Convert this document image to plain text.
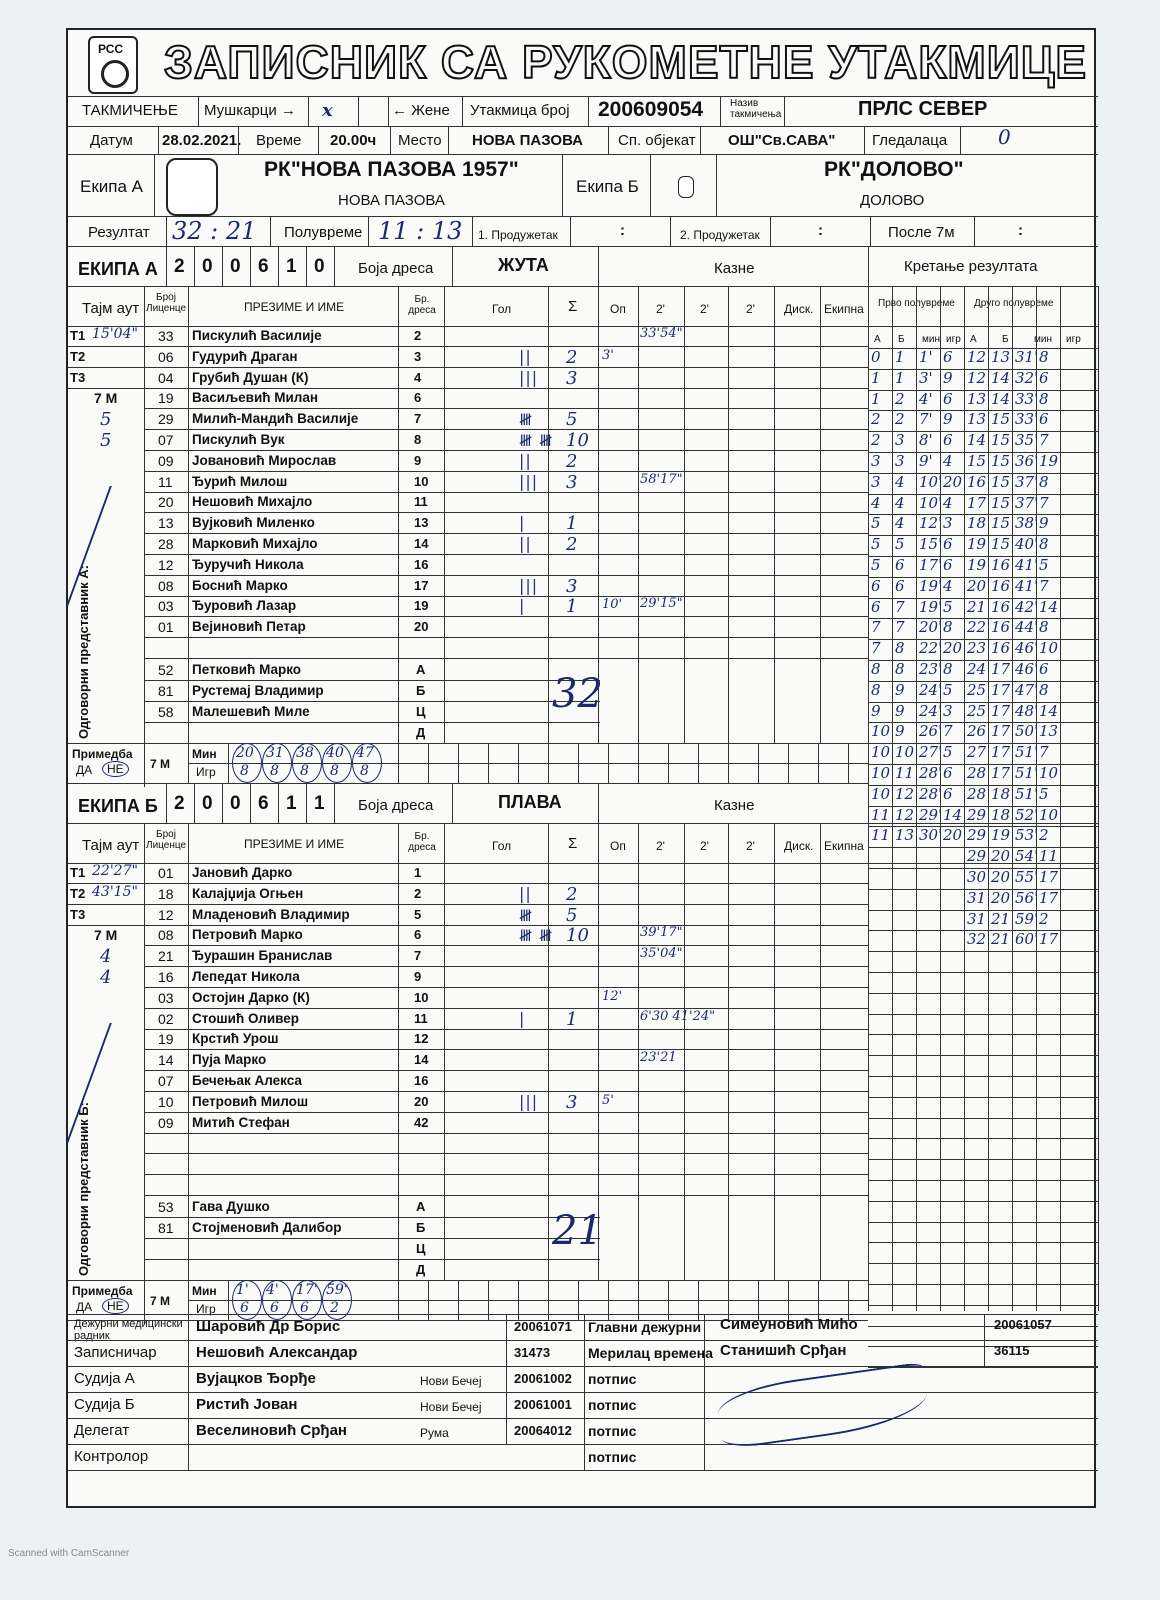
РСС ЗАПИСНИК СА РУКОМЕТНЕ УТАКМИЦЕ
ТАКМИЧЕЊЕ Мушкарци → x	← Жене Утакмица број 200609054	Назив такмичења	ПРЛС СЕВЕР
Датум 28.02.2021. Време 20.00ч Место НОВА ПАЗОВА Сп. објекат ОШ"Св.САВА" Гледалаца	0
Екипа А
РК"НОВА ПАЗОВА 1957"
НОВА ПАЗОВА
Екипа Б
РК"ДОЛОВО"
ДОЛОВО
Резултат 32 : 21 Полувреме 11 : 13 1. Продужетак	:	2. Продужетак	:	После 7м	:
ЕКИПА А 2 0 0 6 1 0 Боја дреса	ЖУТА	Казне	Кретање резултата
Тајм аут
Број Лиценце	ПРЕЗИМЕ И ИМЕ
Бр. дреса	Гол	Σ	Оп	2'	2'	2' Диск. Екипна Прво полувреме Друго полувреме
33 Пискулић Василије	2	33'54"
06 Гудурић Драган	3	|| 2 3'
04 Грубић Душан (К)	4	||| 3
19 Васиљевић Милан	6
29 Милић-Мандић Василије	7	𝍸 5
07 Пискулић Вук	8	𝍸 𝍸 10
09 Јовановић Мирослав	9	|| 2
11 Ђурић Милош	10	||| 3	58'17"
20 Нешовић Михајло	11
13 Вујковић Миленко	13	| 1
28 Марковић Михајло	14	|| 2
12 Ђуручић Никола	16
08 Боснић Марко	17	||| 3
03 Ђуровић Лазар	19	| 1 10' 29'15"
01 Вејиновић Петар	20
52 Петковић Марко	А
81 Рустемај Владимир	Б
58 Малешевић Миле	Ц
Д
32
T1 15'04"
T2
T3
7 М
5
5
Одговорни представник А:
Примедба
ДА	НЕ	7 М
Мин
Игр
20
8
31
8
38
8
40
8
47
8
ЕКИПА Б 2 0 0 6 1 1 Боја дреса	ПЛАВА	Казне
Тајм аут
Број Лиценце	ПРЕЗИМЕ И ИМЕ
Бр. дреса	Гол	Σ	Оп	2'	2'	2' Диск. Екипна
01 Јановић Дарко	1
18 Калајџија Огњен	2	|| 2
12 Младеновић Владимир	5	𝍸 5
08 Петровић Марко	6	𝍸 𝍸 10	39'17"
21 Ђурашин Бранислав	7	35'04"
16 Лепедат Никола	9
03 Остојин Дарко (К)	10	12'
02 Стошић Оливер	11	| 1	6'30 41'24"
19 Крстић Урош	12
14 Пуја Марко	14	23'21
07 Бечењак Алекса	16
10 Петровић Милош	20	||| 3 5'
09 Митић Стефан	42
53 Гава Душко	А
81 Стојменовић Далибор	Б
Ц
Д
21
T1 22'27"
T2 43'15"
T3
7 М
4
4
Одговорни представник Б:
Примедба
ДА	НЕ	7 М
Мин
Игр
1'
6
4'
6
17'
6
59'
2
А	А
Б	Б
мин	мин
игр	игр
0 1 1' 6
1 1 3' 9
1 2 4' 6
2 2 7' 9
2 3 8' 6
3 3 9' 4
3 4 10' 20
4 4 10' 4
5 4 12' 3
5 5 15' 6
5 6 17' 6
6 6 19' 4
6 7 19' 5
7 7 20' 8
7 8 22' 20
8 8 23' 8
8 9 24' 5
9 9 24' 3
10 9 26' 7
10 10 27' 5
10 11 28' 6
10 12 28' 6
11 12 29' 14
11 13 30' 20
12 13 31' 8
12 14 32' 6
13 14 33' 8
13 15 33' 6
14 15 35' 7
15 15 36' 19
16 15 37' 8
17 15 37' 7
18 15 38' 9
19 15 40' 8
19 16 41' 5
20 16 41' 7
21 16 42' 14
22 16 44' 8
23 16 46' 10
24 17 46' 6
25 17 47' 8
25 17 48' 14
26 17 50' 13
27 17 51' 7
28 17 51' 10
28 18 51' 5
29 18 52' 10
29 19 53' 2
29 20 54' 11
30 20 55' 17
31 20 56' 17
31 21 59' 2
32 21 60' 17
Дежурни медицински радник
Шаровић Др Борис	20061071 Главни дежурни Симеуновић Миho	20061057
Записничар	Нешовић Александар	31473	Мерилац времена Станишић Срђан	36115
Судија А	Вујацков Ђорђе	Нови Бечеј	20061002 потпис
Судија Б	Ристић Јован	Нови Бечеј	20061001 потпис
Делегат	Веселиновић Срђан	Рума	20064012 потпис
Контролор	потпис
Scanned with CamScanner
